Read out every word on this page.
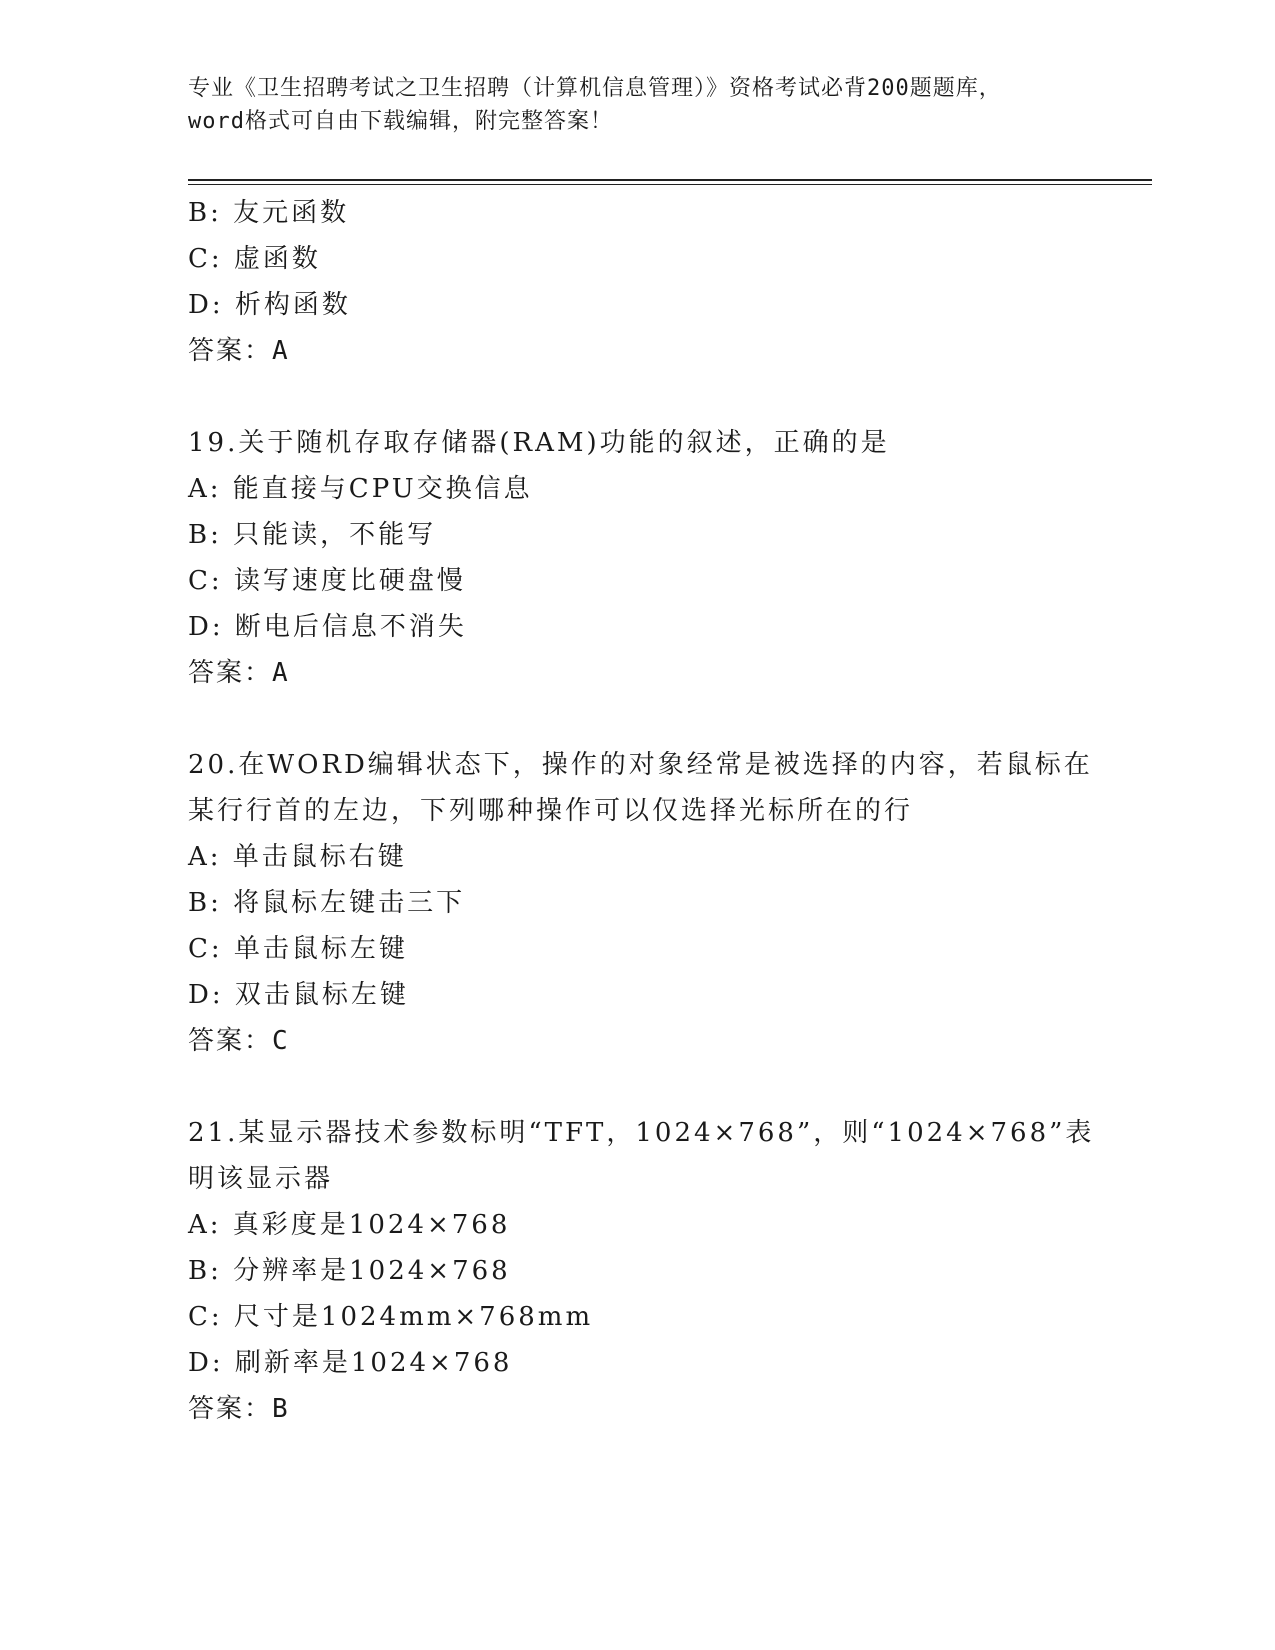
专业《卫生招聘考试之卫生招聘（计算机信息管理）》资格考试必背200题题库，
word格式可自由下载编辑，附完整答案！
B: 友元函数
C: 虚函数
D: 析构函数
答案：A
19.关于随机存取存储器(RAM)功能的叙述，正确的是
A: 能直接与CPU交换信息
B: 只能读，不能写
C: 读写速度比硬盘慢
D: 断电后信息不消失
答案：A
20.在WORD编辑状态下，操作的对象经常是被选择的内容，若鼠标在
某行行首的左边，下列哪种操作可以仅选择光标所在的行
A: 单击鼠标右键
B: 将鼠标左键击三下
C: 单击鼠标左键
D: 双击鼠标左键
答案：C
21.某显示器技术参数标明“TFT，1024×768”，则“1024×768”表
明该显示器
A: 真彩度是1024×768
B: 分辨率是1024×768
C: 尺寸是1024mm×768mm
D: 刷新率是1024×768
答案：B
